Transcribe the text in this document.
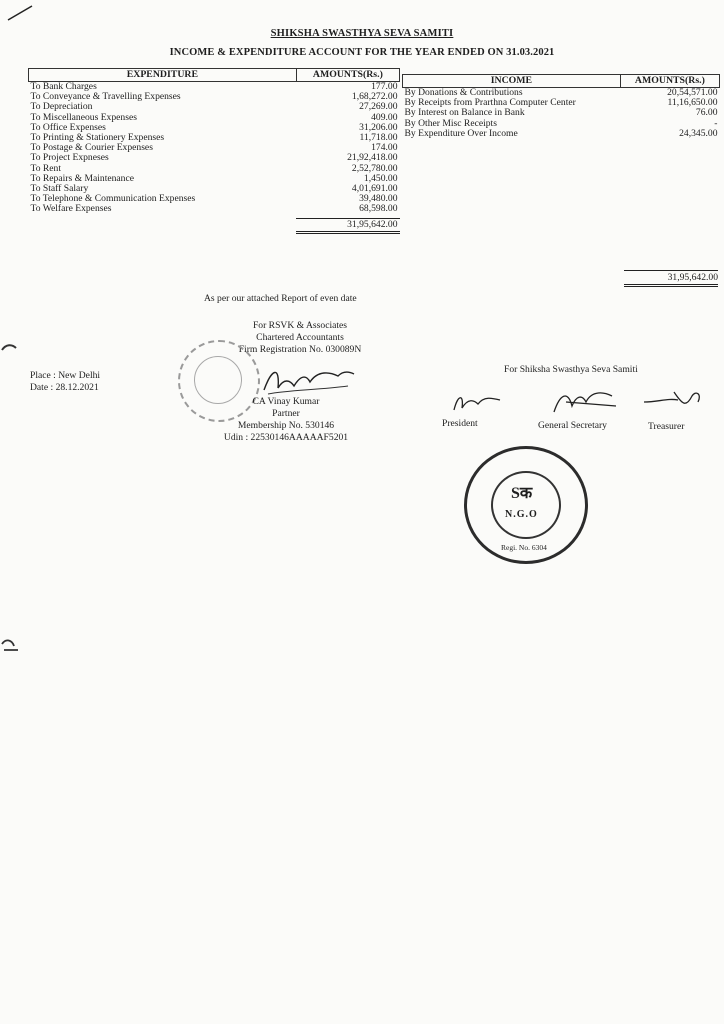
SHIKSHA SWASTHYA SEVA SAMITI
INCOME & EXPENDITURE ACCOUNT FOR THE YEAR ENDED ON 31.03.2021
EXPENDITURE	AMOUNTS(Rs.)
To Bank Charges	177.00
To Conveyance & Travelling Expenses	1,68,272.00
To Depreciation	27,269.00
To Miscellaneous Expenses	409.00
To Office Expenses	31,206.00
To Printing & Stationery Expenses	11,718.00
To Postage & Courier Expenses	174.00
To Project Expneses	21,92,418.00
To Rent	2,52,780.00
To Repairs & Maintenance	1,450.00
To Staff Salary	4,01,691.00
To Telephone & Communication Expenses	39,480.00
To Welfare Expenses	68,598.00

	31,95,642.00
INCOME	AMOUNTS(Rs.)
By Donations & Contributions	20,54,571.00
By Receipts from Prarthna Computer Center	11,16,650.00
By Interest on Balance in Bank	76.00
By Other Misc Receipts	-
By Expenditure Over Income	24,345.00
31,95,642.00
As per our attached Report of even date
For RSVK & Associates
Chartered Accountants
Firm Registration No. 030089N
CA Vinay Kumar
Partner
Membership No. 530146
Udin : 22530146AAAAAF5201
Place : New Delhi
Date : 28.12.2021
For Shiksha Swasthya Seva Samiti
President	General Secretary	Treasurer
Sक
N.G.O
Regi. No. 6304
